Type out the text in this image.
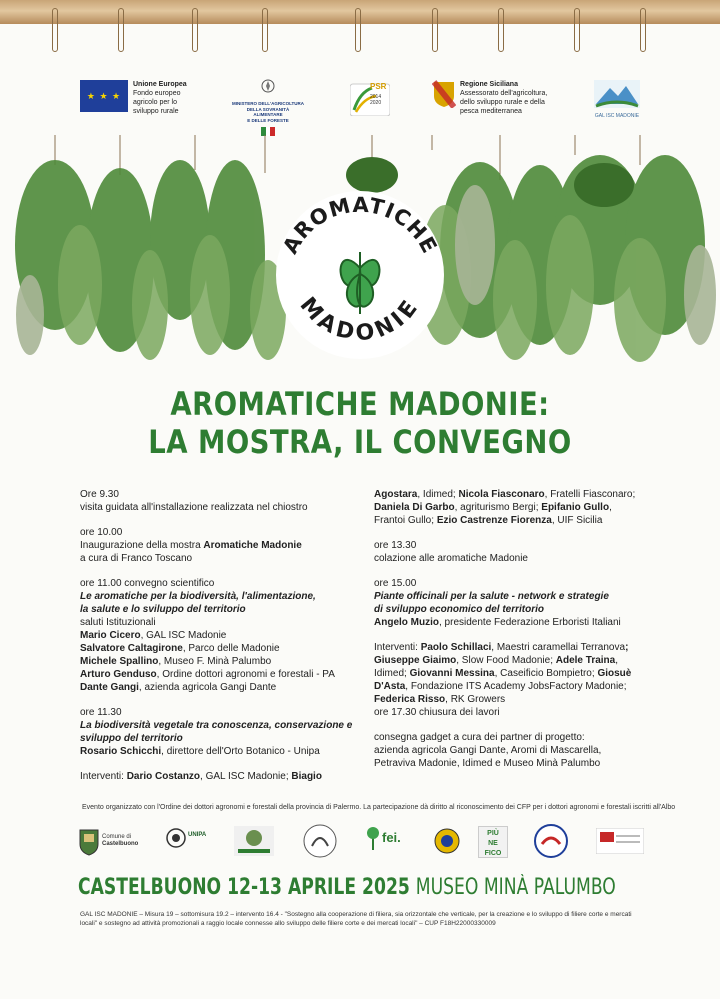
★ ★ ★
Unione Europea
Fondo europeo
agricolo per lo
sviluppo rurale
MINISTERO DELL'AGRICOLTURA
DELLA SOVRANITÀ ALIMENTARE
E DELLE FORESTE
PSR
2014 2020
Regione Siciliana
Assessorato dell'agricoltura,
dello sviluppo rurale e della
pesca mediterranea
GAL ISC MADONIE
AROMATICHE
MADONIE
AROMATICHE MADONIE:
LA MOSTRA, IL CONVEGNO

Ore 9.30

visita guidata all'installazione realizzata nel chiostro

ore 10.00

Inaugurazione della mostra Aromatiche Madonie

a cura di Franco Toscano

ore 11.00 convegno scientifico

Le aromatiche per la biodiversità, l'alimentazione,

la salute e lo sviluppo del territorio

saluti Istituzionali

Mario Cicero, GAL ISC Madonie

Salvatore Caltagirone, Parco delle Madonie

Michele Spallino, Museo F. Minà Palumbo

Arturo Genduso, Ordine dottori agronomi e forestali - PA

Dante Gangi, azienda agricola Gangi Dante

ore 11.30

La biodiversità vegetale tra conoscenza, conservazione e

sviluppo del territorio

Rosario Schicchi, direttore dell'Orto Botanico - Unipa

Interventi: Dario Costanzo, GAL ISC Madonie; Biagio

Agostara, Idimed; Nicola Fiasconaro, Fratelli Fiasconaro;

Daniela Di Garbo, agriturismo Bergi; Epifanio Gullo,

Frantoi Gullo; Ezio Castrenze Fiorenza, UIF Sicilia

ore 13.30

colazione alle aromatiche Madonie

ore 15.00

Piante officinali per la salute - network e strategie

di sviluppo economico del territorio

Angelo Muzio, presidente Federazione Erboristi Italiani

Interventi: Paolo Schillaci, Maestri caramellai Terranova;

Giuseppe Giaimo, Slow Food Madonie; Adele Traina,

Idimed; Giovanni Messina, Caseificio Bompietro; Giosuè

D'Asta, Fondazione ITS Academy JobsFactory Madonie;

Federica Risso, RK Growers

ore 17.30 chiusura dei lavori

consegna gadget a cura dei partner di progetto:

azienda agricola Gangi Dante, Aromi di Mascarella,

Petraviva Madonie, Idimed e Museo Minà Palumbo

Evento organizzato con l'Ordine dei dottori agronomi e forestali della provincia di Palermo. La partecipazione dà diritto al riconoscimento dei CFP per i dottori agronomi e forestali iscritti all'Albo
Comune di
Castelbuono
UNIPA	fei.	PIÙ
NE FICO
CASTELBUONO 12-13 APRILE 2025 MUSEO MINÀ PALUMBO
GAL ISC MADONIE – Misura 19 – sottomisura 19.2 – intervento 16.4 - "Sostegno alla cooperazione di filiera, sia orizzontale che verticale, per la creazione e lo sviluppo di filiere corte e mercati locali" e sostegno ad attività promozionali a raggio locale connesse allo sviluppo delle filiere corte e dei mercati locali" – CUP F18H22000330009
